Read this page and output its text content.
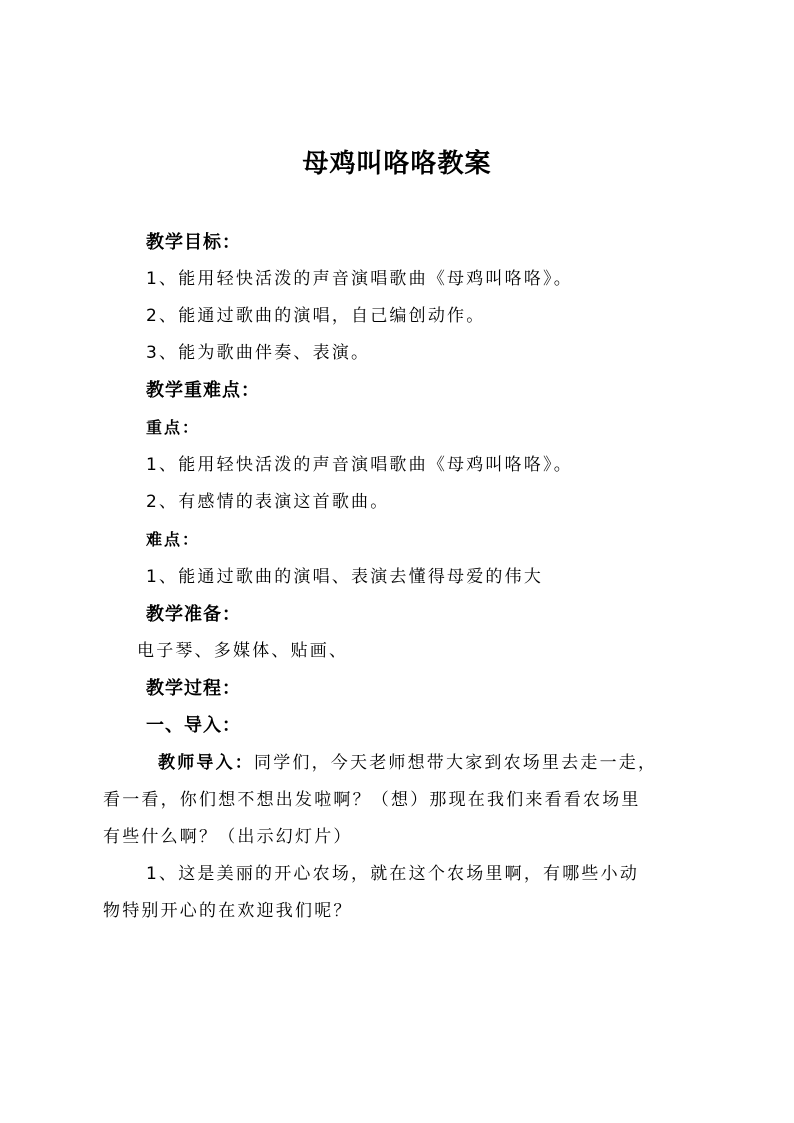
母鸡叫咯咯教案
教学目标：
1、能用轻快活泼的声音演唱歌曲《母鸡叫咯咯》。
2、能通过歌曲的演唱，自己编创动作。
3、能为歌曲伴奏、表演。
教学重难点：
重点：
1、能用轻快活泼的声音演唱歌曲《母鸡叫咯咯》。
2、有感情的表演这首歌曲。
难点：
1、能通过歌曲的演唱、表演去懂得母爱的伟大
教学准备：
电子琴、多媒体、贴画、
教学过程：
一、导入：
教师导入：同学们，今天老师想带大家到农场里去走一走，
看一看，你们想不想出发啦啊？（想）那现在我们来看看农场里
有些什么啊？（出示幻灯片）
1、这是美丽的开心农场，就在这个农场里啊，有哪些小动
物特别开心的在欢迎我们呢？
